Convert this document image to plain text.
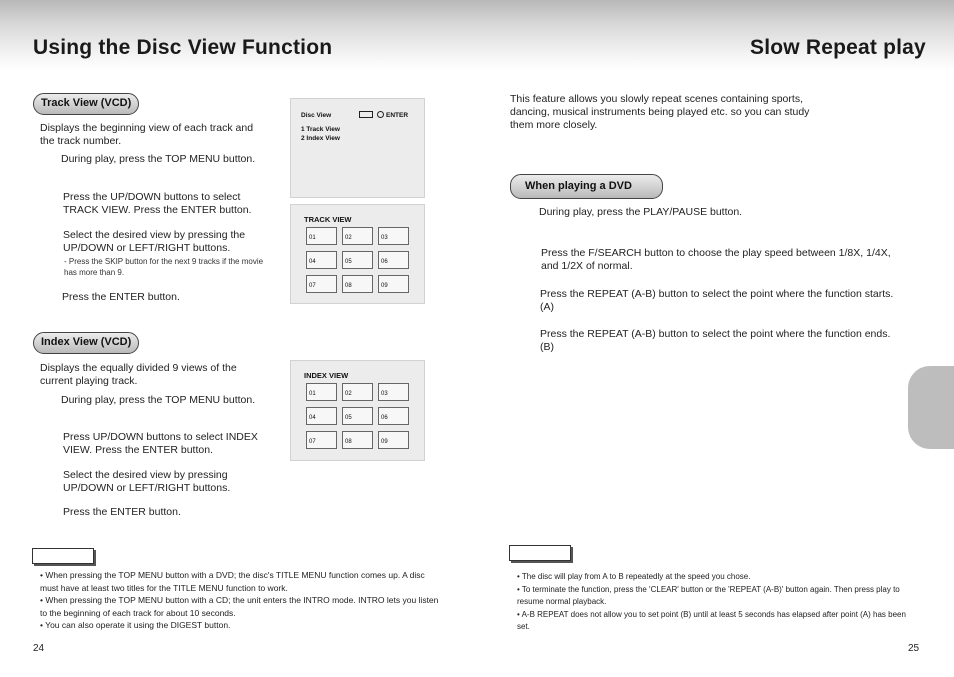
Using the Disc View Function	Slow Repeat play
Track View (VCD)
Displays the beginning view of each track and the track number.
During play, press the TOP MENU button.
Press the UP/DOWN buttons to select TRACK VIEW. Press the ENTER button.
Select the desired view by pressing the UP/DOWN or LEFT/RIGHT buttons.
- Press the SKIP button for the next 9 tracks if the movie has more than 9.
Press the ENTER button.
Disc View	ENTER
1 Track View
2 Index View
TRACK VIEW
01	02	03
04	05	06
07	08	09
Index View (VCD)
Displays the equally divided 9 views of the current playing track.
During play, press the TOP MENU button.
Press UP/DOWN buttons to select INDEX VIEW. Press the ENTER button.
Select the desired view by pressing UP/DOWN or LEFT/RIGHT buttons.
Press the ENTER button.
INDEX VIEW
01	02	03
04	05	06
07	08	09
• When pressing the TOP MENU button with a DVD; the disc's TITLE MENU function comes up. A disc must have at least two titles for the TITLE MENU function to work.
• When pressing the TOP MENU button with a CD; the unit enters the INTRO mode. INTRO lets you listen to the beginning of each track for about 10 seconds.
• You can also operate it using the DIGEST button.
24
This feature allows you slowly repeat scenes containing sports, dancing, musical instruments being played etc. so you can study them more closely.
When playing a DVD
During play, press the PLAY/PAUSE button.
Press the F/SEARCH button to choose the play speed between 1/8X, 1/4X, and 1/2X of normal.
Press the REPEAT (A-B) button to select the point where the function starts. (A)
Press the REPEAT (A-B) button to select the point where the function ends. (B)
• The disc will play from A to B repeatedly at the speed you chose.
• To terminate the function, press the 'CLEAR' button or the 'REPEAT (A-B)' button again. Then press play to resume normal playback.
• A-B REPEAT does not allow you to set point (B) until at least 5 seconds has elapsed after point (A) has been set.
25
